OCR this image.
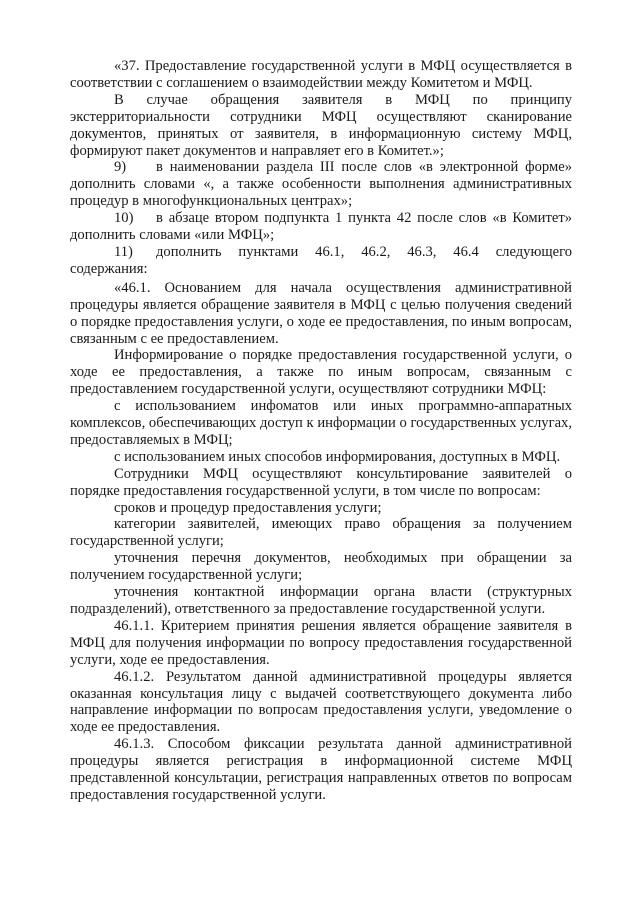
«37. Предоставление государственной услуги в МФЦ осуществляется в соответствии с соглашением о взаимодействии между Комитетом и МФЦ.

В случае обращения заявителя в МФЦ по принципу экстерриториальности сотрудники МФЦ осуществляют сканирование документов, принятых от заявителя, в информационную систему МФЦ, формируют пакет документов и направляет его в Комитет.»;

9) в наименовании раздела III после слов «в электронной форме» дополнить словами «, а также особенности выполнения административных процедур в многофункциональных центрах»;

10) в абзаце втором подпункта 1 пункта 42 после слов «в Комитет» дополнить словами «или МФЦ»;

11) дополнить пунктами 46.1, 46.2, 46.3, 46.4 следующего содержания:

«46.1. Основанием для начала осуществления административной процедуры является обращение заявителя в МФЦ с целью получения сведений о порядке предоставления услуги, о ходе ее предоставления, по иным вопросам, связанным с ее предоставлением.

Информирование о порядке предоставления государственной услуги, о ходе ее предоставления, а также по иным вопросам, связанным с предоставлением государственной услуги, осуществляют сотрудники МФЦ:

с использованием инфоматов или иных программно-аппаратных комплексов, обеспечивающих доступ к информации о государственных услугах, предоставляемых в МФЦ;

с использованием иных способов информирования, доступных в МФЦ.

Сотрудники МФЦ осуществляют консультирование заявителей о порядке предоставления государственной услуги, в том числе по вопросам:

сроков и процедур предоставления услуги;

категории заявителей, имеющих право обращения за получением государственной услуги;

уточнения перечня документов, необходимых при обращении за получением государственной услуги;

уточнения контактной информации органа власти (структурных подразделений), ответственного за предоставление государственной услуги.

46.1.1. Критерием принятия решения является обращение заявителя в МФЦ для получения информации по вопросу предоставления государственной услуги, ходе ее предоставления.

46.1.2. Результатом данной административной процедуры является оказанная консультация лицу с выдачей соответствующего документа либо направление информации по вопросам предоставления услуги, уведомление о ходе ее предоставления.

46.1.3. Способом фиксации результата данной административной процедуры является регистрация в информационной системе МФЦ представленной консультации, регистрация направленных ответов по вопросам предоставления государственной услуги.
